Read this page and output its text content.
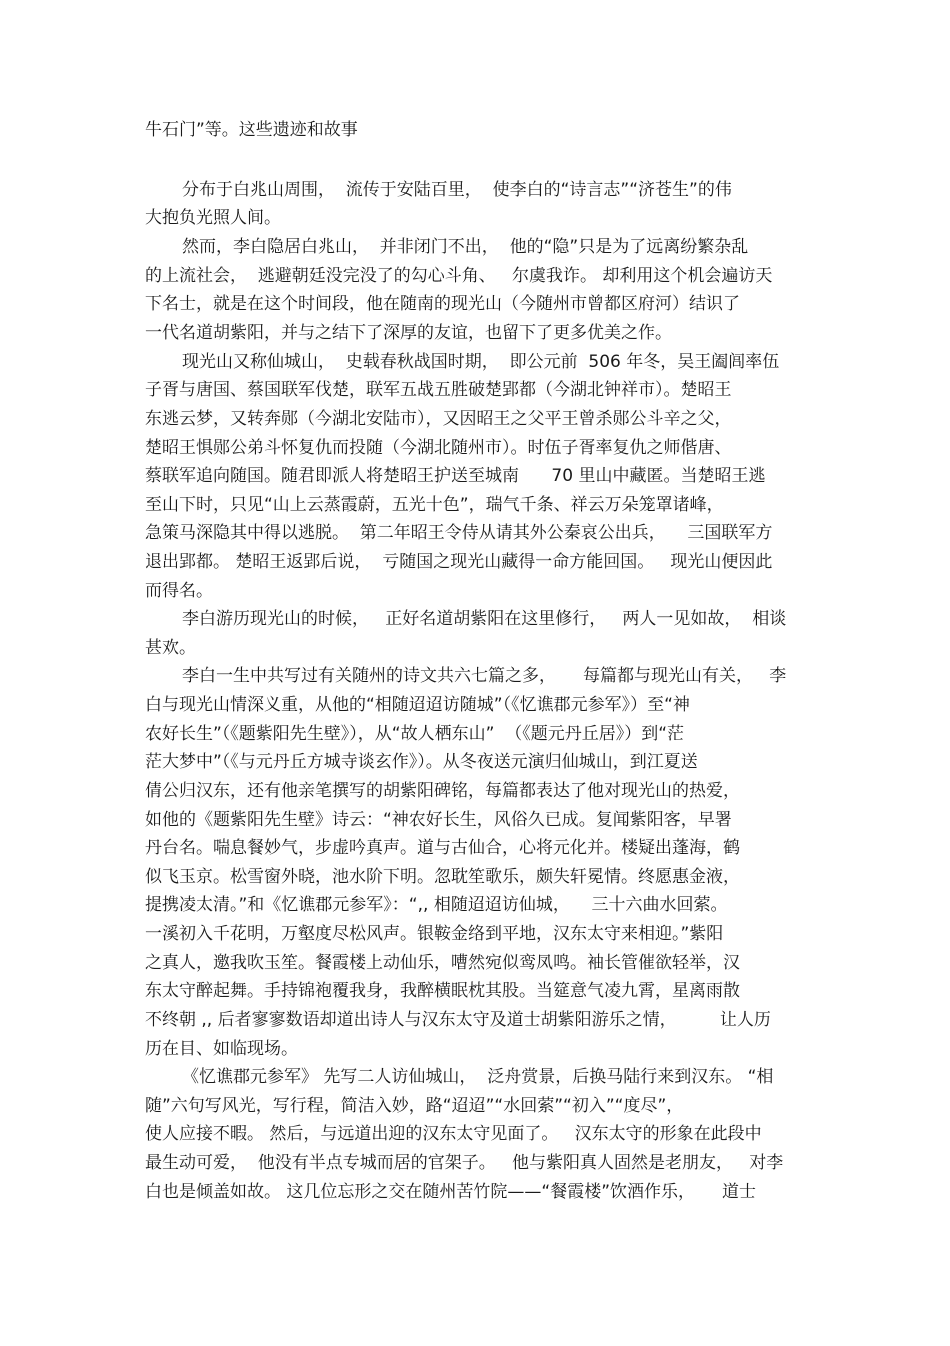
牛石门”等。这些遗迹和故事
分布于白兆山周围，  流传于安陆百里，  使李白的“诗言志”“济苍生”的伟
大抱负光照人间。
然而，李白隐居白兆山，  并非闭门不出，  他的“隐”只是为了远离纷繁杂乱
的上流社会，  逃避朝廷没完没了的勾心斗角、   尔虞我诈。 却利用这个机会遍访天
下名士，就是在这个时间段，他在随南的现光山（今随州市曾都区府河）结识了
一代名道胡紫阳，并与之结下了深厚的友谊，也留下了更多优美之作。
现光山又称仙城山，  史载春秋战国时期，  即公元前  506 年冬，吴王阖闾率伍
子胥与唐国、蔡国联军伐楚，联军五战五胜破楚郢都（今湖北钟祥市）。楚昭王
东逃云梦，又转奔郧（今湖北安陆市），又因昭王之父平王曾杀郧公斗辛之父，
楚昭王惧郧公弟斗怀复仇而投随（今湖北随州市）。时伍子胥率复仇之师偕唐、
蔡联军追向随国。随君即派人将楚昭王护送至城南      70 里山中藏匿。当楚昭王逃
至山下时，只见“山上云蒸霞蔚，五光十色”，瑞气千条、祥云万朵笼罩诸峰，
急策马深隐其中得以逃脱。  第二年昭王令侍从请其外公秦哀公出兵，    三国联军方
退出郢都。 楚昭王返郢后说，  亏随国之现光山藏得一命方能回国。   现光山便因此
而得名。
李白游历现光山的时候，   正好名道胡紫阳在这里修行，   两人一见如故，  相谈
甚欢。
李白一生中共写过有关随州的诗文共六七篇之多，     每篇都与现光山有关，   李
白与现光山情深义重，从他的“相随迢迢访随城”（《忆谯郡元参军》）至“神
农好长生”（《题紫阳先生壁》），从“故人栖东山”  （《题元丹丘居》）到“茫
茫大梦中”（《与元丹丘方城寺谈玄作》）。从冬夜送元演归仙城山，到江夏送
倩公归汉东，还有他亲笔撰写的胡紫阳碑铭，每篇都表达了他对现光山的热爱，
如他的《题紫阳先生壁》诗云：“神农好长生，风俗久已成。复闻紫阳客，早署
丹台名。喘息餐妙气，步虚吟真声。道与古仙合，心将元化并。楼疑出蓬海，鹤
似飞玉京。松雪窗外晓，池水阶下明。忽耽笙歌乐，颇失轩冕情。终愿惠金液，
提携凌太清。”和《忆谯郡元参军》：“,, 相随迢迢访仙城，    三十六曲水回萦。
一溪初入千花明，万壑度尽松风声。银鞍金络到平地，汉东太守来相迎。”紫阳
之真人，邀我吹玉笙。餐霞楼上动仙乐，嘈然宛似鸾凤鸣。袖长管催欲轻举，汉
东太守醉起舞。手持锦袍覆我身，我醉横眠枕其股。当筵意气凌九霄，星离雨散
不终朝 ,, 后者寥寥数语却道出诗人与汉东太守及道士胡紫阳游乐之情，        让人历
历在目、如临现场。
《忆谯郡元参军》 先写二人访仙城山，  泛舟赏景，后换马陆行来到汉东。 “相
随”六句写风光，写行程，简洁入妙，路“迢迢”“水回萦”“初入”“度尽”，
使人应接不暇。 然后，与远道出迎的汉东太守见面了。   汉东太守的形象在此段中
最生动可爱，  他没有半点专城而居的官架子。   他与紫阳真人固然是老朋友，   对李
白也是倾盖如故。 这几位忘形之交在随州苦竹院——“餐霞楼”饮酒作乐，     道士
